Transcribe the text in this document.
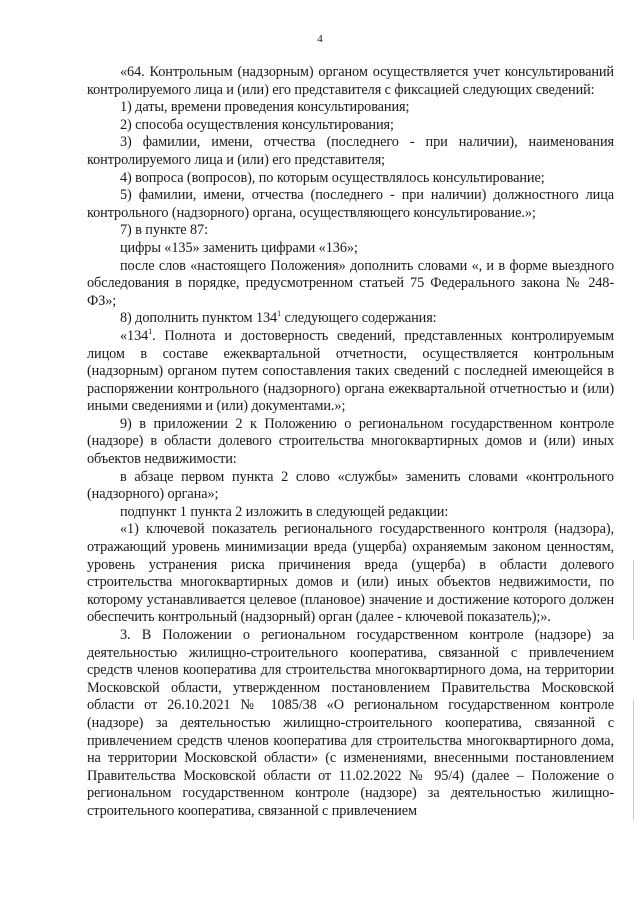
4

«64. Контрольным (надзорным) органом осуществляется учет консультирований контролируемого лица и (или) его представителя с фиксацией следующих сведений:

1) даты, времени проведения консультирования;

2) способа осуществления консультирования;

3) фамилии, имени, отчества (последнего - при наличии), наименования контролируемого лица и (или) его представителя;

4) вопроса (вопросов), по которым осуществлялось консультирование;

5) фамилии, имени, отчества (последнего - при наличии) должностного лица контрольного (надзорного) органа, осуществляющего консультирование.»;

7) в пункте 87:

цифры «135» заменить цифрами «136»;

после слов «настоящего Положения» дополнить словами «, и в форме выездного обследования в порядке, предусмотренном статьей 75 Федерального закона № 248-ФЗ»;

8) дополнить пунктом $134^1$ следующего содержания:

«$134^1$. Полнота и достоверность сведений, представленных контролируемым лицом в составе ежеквартальной отчетности, осуществляется контрольным (надзорным) органом путем сопоставления таких сведений с последней имеющейся в распоряжении контрольного (надзорного) органа ежеквартальной отчетностью и (или) иными сведениями и (или) документами.»;

9) в приложении 2 к Положению о региональном государственном контроле (надзоре) в области долевого строительства многоквартирных домов и (или) иных объектов недвижимости:

в абзаце первом пункта 2 слово «службы» заменить словами «контрольного (надзорного) органа»;

подпункт 1 пункта 2 изложить в следующей редакции:

«1) ключевой показатель регионального государственного контроля (надзора), отражающий уровень минимизации вреда (ущерба) охраняемым законом ценностям, уровень устранения риска причинения вреда (ущерба) в области долевого строительства многоквартирных домов и (или) иных объектов недвижимости, по которому устанавливается целевое (плановое) значение и достижение которого должен обеспечить контрольный (надзорный) орган (далее - ключевой показатель);».

3. В Положении о региональном государственном контроле (надзоре) за деятельностью жилищно-строительного кооператива, связанной с привлечением средств членов кооператива для строительства многоквартирного дома, на территории Московской области, утвержденном постановлением Правительства Московской области от 26.10.2021 № 1085/38 «О региональном государственном контроле (надзоре) за деятельностью жилищно-строительного кооператива, связанной с привлечением средств членов кооператива для строительства многоквартирного дома, на территории Московской области» (с изменениями, внесенными постановлением Правительства Московской области от 11.02.2022 № 95/4) (далее – Положение о региональном государственном контроле (надзоре) за деятельностью жилищно-строительного кооператива, связанной с привлечением
